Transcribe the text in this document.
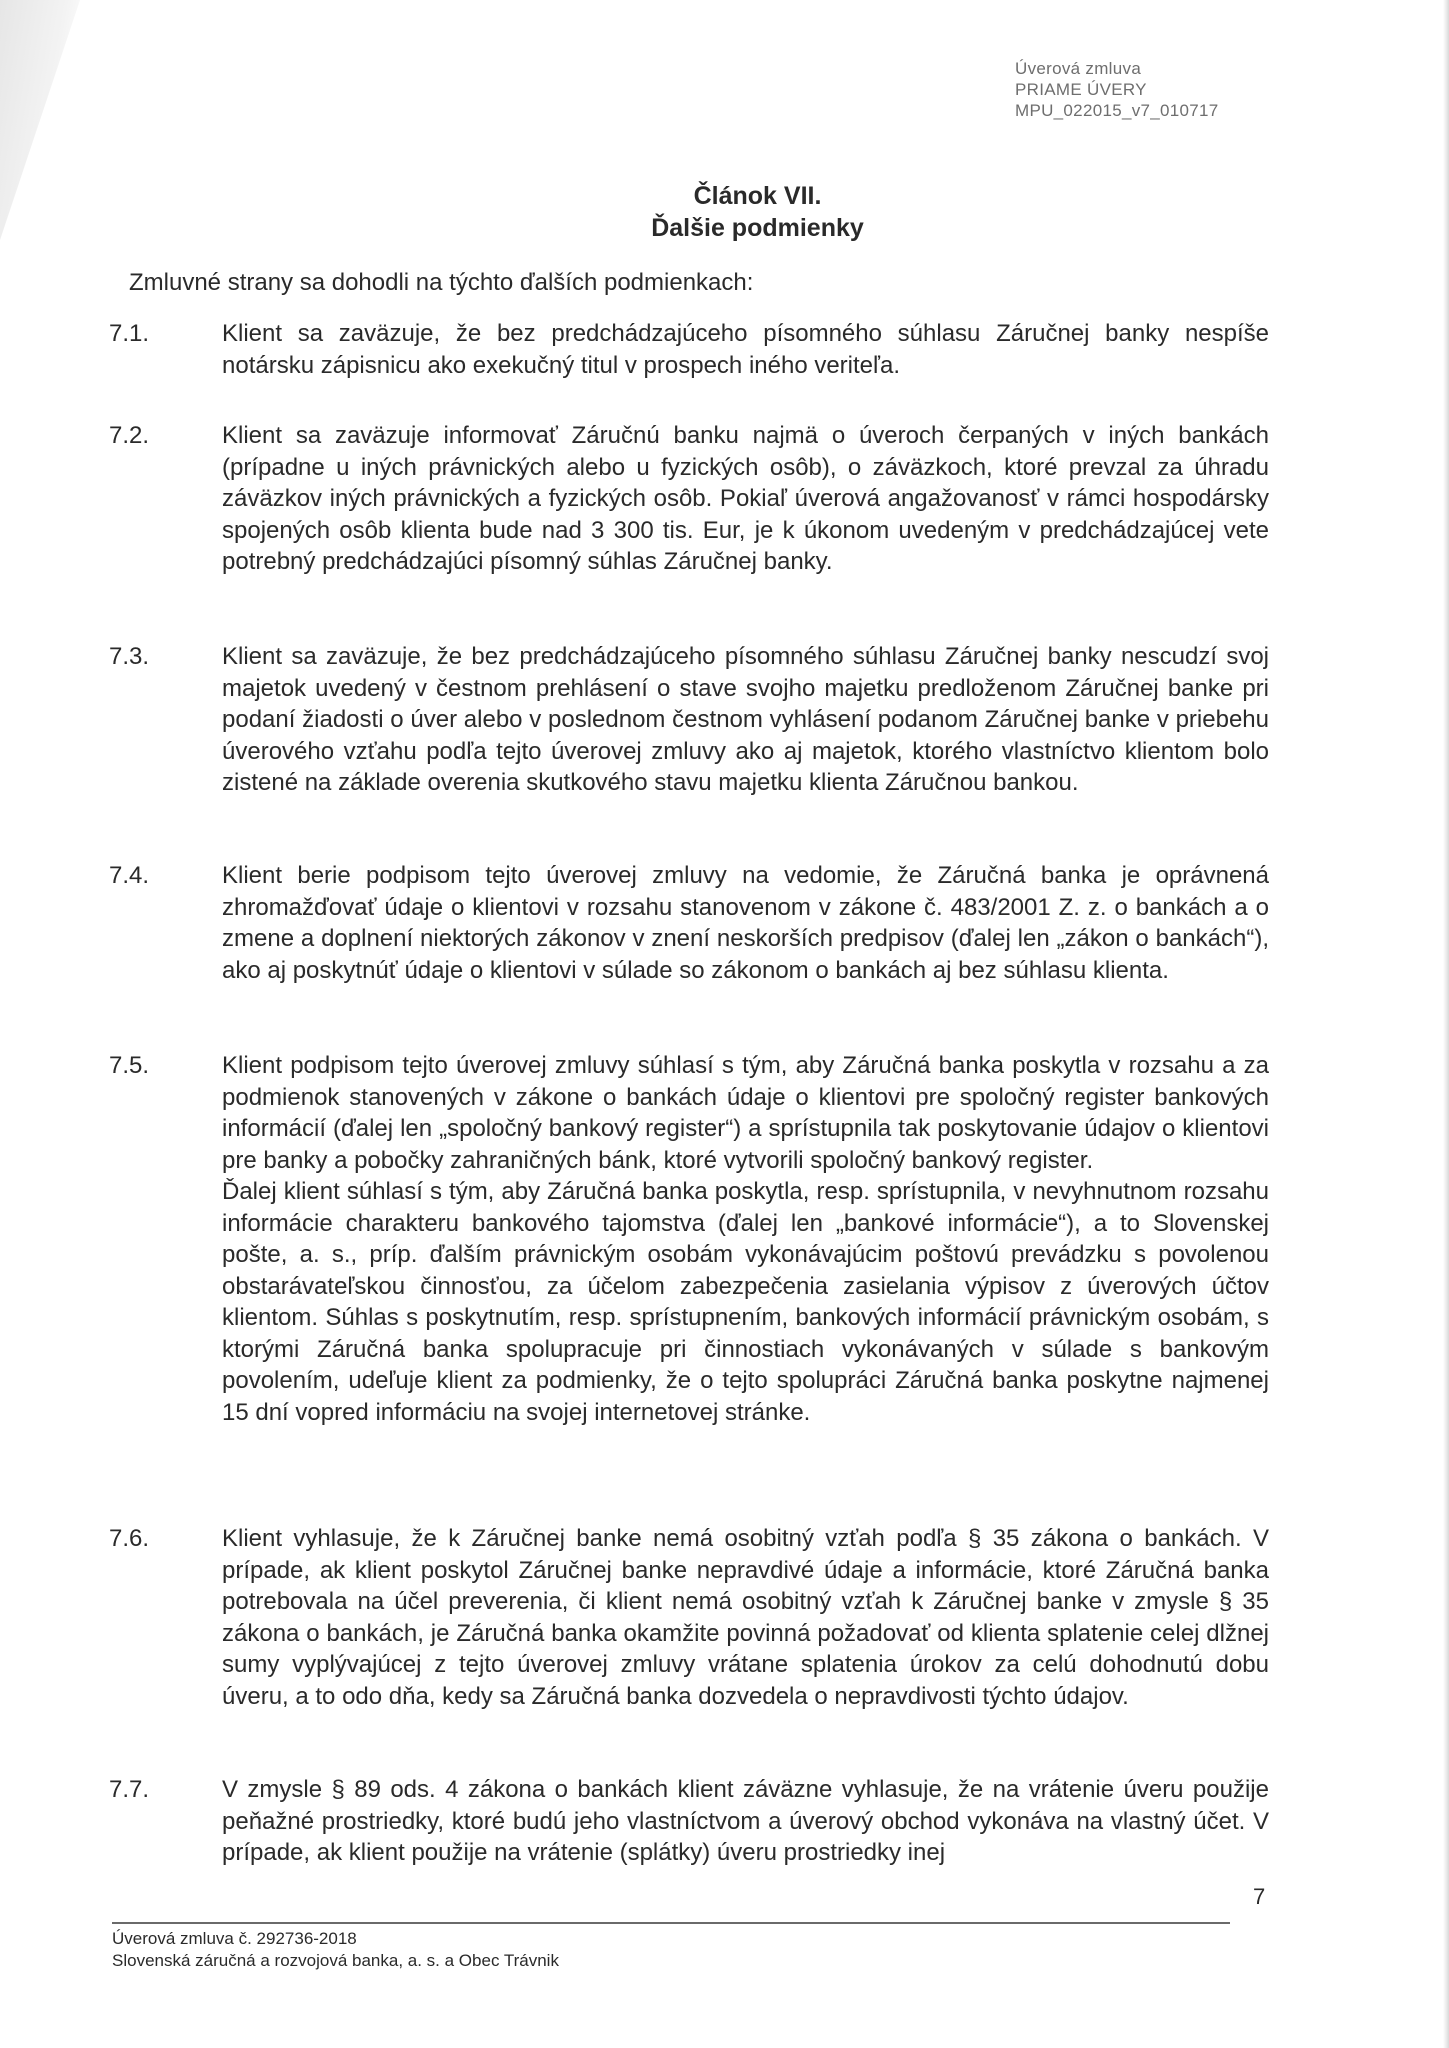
Úverová zmluva
PRIAME ÚVERY
MPU_022015_v7_010717
Článok VII.
Ďalšie podmienky
Zmluvné strany sa dohodli na týchto ďalších podmienkach:
7.1.	Klient sa zaväzuje, že bez predchádzajúceho písomného súhlasu Záručnej banky nespíše notársku zápisnicu ako exekučný titul v prospech iného veriteľa.

7.2.	Klient sa zaväzuje informovať Záručnú banku najmä o úveroch čerpaných v iných bankách (prípadne u iných právnických alebo u fyzických osôb), o záväzkoch, ktoré prevzal za úhradu záväzkov iných právnických a fyzických osôb. Pokiaľ úverová angažovanosť v rámci hospodársky spojených osôb klienta bude nad 3 300 tis. Eur, je k úkonom uvedeným v predchádzajúcej vete potrebný predchádzajúci písomný súhlas Záručnej banky.

7.3.	Klient sa zaväzuje, že bez predchádzajúceho písomného súhlasu Záručnej banky nescudzí svoj majetok uvedený v čestnom prehlásení o stave svojho majetku predloženom Záručnej banke pri podaní žiadosti o úver alebo v poslednom čestnom vyhlásení podanom Záručnej banke v priebehu úverového vzťahu podľa tejto úverovej zmluvy ako aj majetok, ktorého vlastníctvo klientom bolo zistené na základe overenia skutkového stavu majetku klienta Záručnou bankou.

7.4.	Klient berie podpisom tejto úverovej zmluvy na vedomie, že Záručná banka je oprávnená zhromažďovať údaje o klientovi v rozsahu stanovenom v zákone č. 483/2001 Z. z. o bankách a o zmene a doplnení niektorých zákonov v znení neskorších predpisov (ďalej len „zákon o bankách“), ako aj poskytnúť údaje o klientovi v súlade so zákonom o bankách aj bez súhlasu klienta.

7.5.	Klient podpisom tejto úverovej zmluvy súhlasí s tým, aby Záručná banka poskytla v rozsahu a za podmienok stanovených v zákone o bankách údaje o klientovi pre spoločný register bankových informácií (ďalej len „spoločný bankový register“) a sprístupnila tak poskytovanie údajov o klientovi pre banky a pobočky zahraničných bánk, ktoré vytvorili spoločný bankový register.

Ďalej klient súhlasí s tým, aby Záručná banka poskytla, resp. sprístupnila, v nevyhnutnom rozsahu informácie charakteru bankového tajomstva (ďalej len „bankové informácie“), a to Slovenskej pošte, a. s., príp. ďalším právnickým osobám vykonávajúcim poštovú prevádzku s povolenou obstarávateľskou činnosťou, za účelom zabezpečenia zasielania výpisov z úverových účtov klientom. Súhlas s poskytnutím, resp. sprístupnením, bankových informácií právnickým osobám, s ktorými Záručná banka spolupracuje pri činnostiach vykonávaných v súlade s bankovým povolením, udeľuje klient za podmienky, že o tejto spolupráci Záručná banka poskytne najmenej 15 dní vopred informáciu na svojej internetovej stránke.

7.6.	Klient vyhlasuje, že k Záručnej banke nemá osobitný vzťah podľa § 35 zákona o bankách. V prípade, ak klient poskytol Záručnej banke nepravdivé údaje a informácie, ktoré Záručná banka potrebovala na účel preverenia, či klient nemá osobitný vzťah k Záručnej banke v zmysle § 35 zákona o bankách, je Záručná banka okamžite povinná požadovať od klienta splatenie celej dlžnej sumy vyplývajúcej z tejto úverovej zmluvy vrátane splatenia úrokov za celú dohodnutú dobu úveru, a to odo dňa, kedy sa Záručná banka dozvedela o nepravdivosti týchto údajov.

7.7.	V zmysle § 89 ods. 4 zákona o bankách klient záväzne vyhlasuje, že na vrátenie úveru použije peňažné prostriedky, ktoré budú jeho vlastníctvom a úverový obchod vykonáva na vlastný účet. V prípade, ak klient použije na vrátenie (splátky) úveru prostriedky inej

7
Úverová zmluva č. 292736-2018
Slovenská záručná a rozvojová banka, a. s. a Obec Trávnik
